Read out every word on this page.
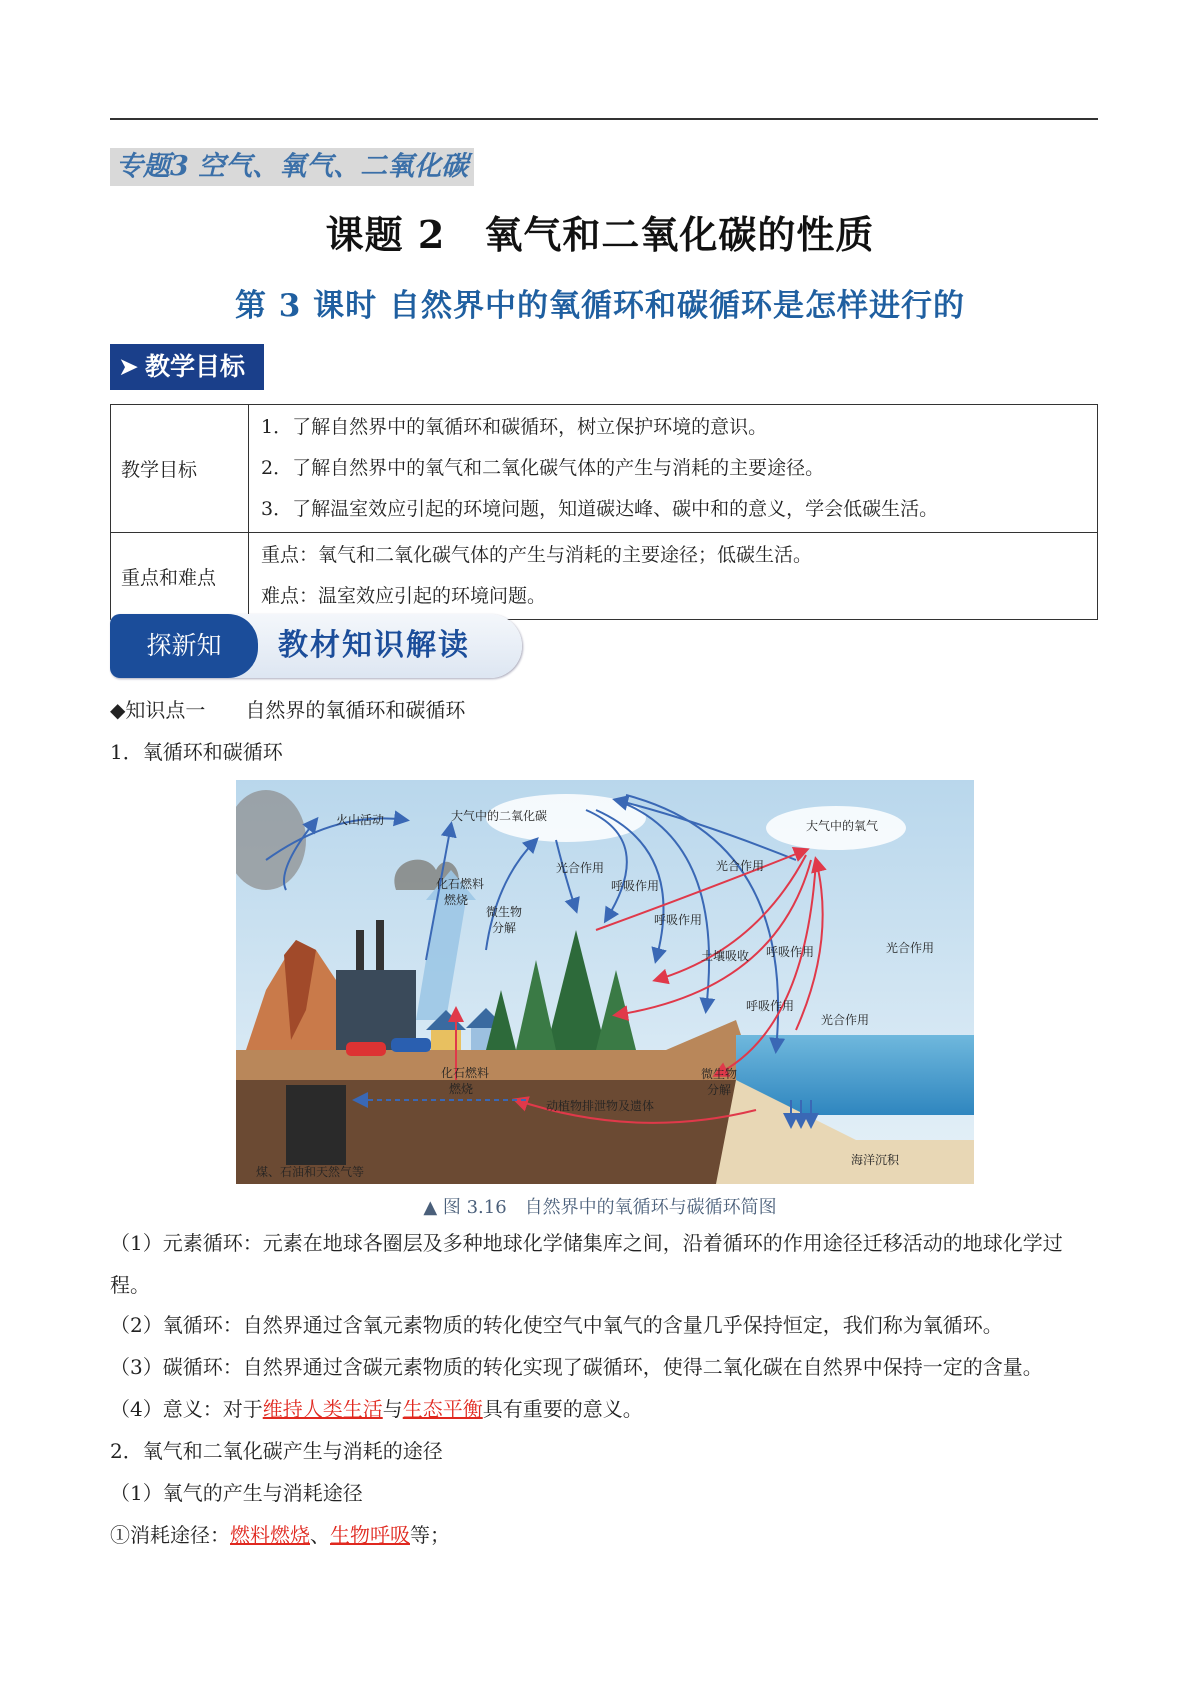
专题3 空气、氧气、二氧化碳
课题 2　氧气和二氧化碳的性质
第 3 课时 自然界中的氧循环和碳循环是怎样进行的
➤ 教学目标
教学目标	1．了解自然界中的氧循环和碳循环，树立保护环境的意识。

2．了解自然界中的氧气和二氧化碳气体的产生与消耗的主要途径。

3．了解温室效应引起的环境问题，知道碳达峰、碳中和的意义，学会低碳生活。

重点和难点	重点：氧气和二氧化碳气体的产生与消耗的主要途径；低碳生活。

难点：温室效应引起的环境问题。

探新知	教材知识解读
◆知识点一　　自然界的氧循环和碳循环
1．氧循环和碳循环
火山活动	大气中的二氧化碳
大气中的氧气
化石燃料 燃烧
光合作用
呼吸作用
光合作用
微生物 分解
呼吸作用
土壤吸收 呼吸作用	光合作用
呼吸作用
光合作用
化石燃料 燃烧
微生物 分解
动植物排泄物及遗体
煤、石油和天然气等
海洋沉积
▲ 图 3.16　自然界中的氧循环与碳循环简图
（1）元素循环：元素在地球各圈层及多种地球化学储集库之间，沿着循环的作用途径迁移活动的地球化学过程。
（2）氧循环：自然界通过含氧元素物质的转化使空气中氧气的含量几乎保持恒定，我们称为氧循环。
（3）碳循环：自然界通过含碳元素物质的转化实现了碳循环，使得二氧化碳在自然界中保持一定的含量。
（4）意义：对于维持人类生活与生态平衡具有重要的意义。
2．氧气和二氧化碳产生与消耗的途径
（1）氧气的产生与消耗途径
①消耗途径：燃料燃烧、生物呼吸等；
